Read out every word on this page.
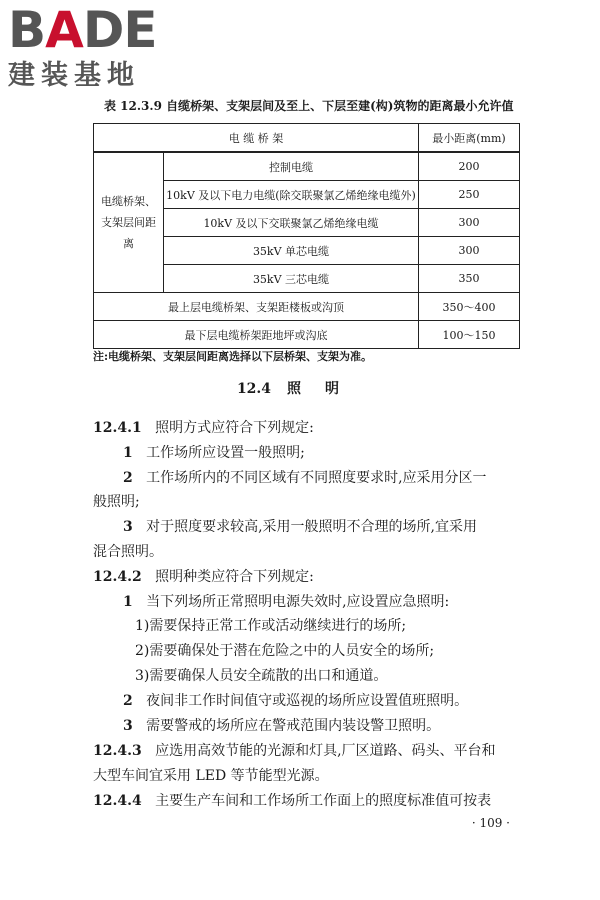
B A D E
建装基地
表 12.3.9 自缆桥架、支架层间及至上、下层至建(构)筑物的距离最小允许值
电 缆 桥 架		最小距离(mm)
电缆桥架、支架层间距离	控制电缆	200
	10kV 及以下电力电缆(除交联聚氯乙烯绝缘电缆外)	250
	10kV 及以下交联聚氯乙烯绝缘电缆	300
	35kV 单芯电缆	300
	35kV 三芯电缆	350
最上层电缆桥架、支架距楼板或沟顶		350～400
最下层电缆桥架距地坪或沟底		100～150
注:电缆桥架、支架层间距离选择以下层桥架、支架为准。
12.4 照明
12.4.1 照明方式应符合下列规定:
1 工作场所应设置一般照明;
2 工作场所内的不同区域有不同照度要求时,应采用分区一
般照明;
3 对于照度要求较高,采用一般照明不合理的场所,宜采用
混合照明。
12.4.2 照明种类应符合下列规定:
1 当下列场所正常照明电源失效时,应设置应急照明:
1)需要保持正常工作或活动继续进行的场所;
2)需要确保处于潜在危险之中的人员安全的场所;
3)需要确保人员安全疏散的出口和通道。
2 夜间非工作时间值守或巡视的场所应设置值班照明。
3 需要警戒的场所应在警戒范围内装设警卫照明。
12.4.3 应选用高效节能的光源和灯具,厂区道路、码头、平台和
大型车间宜采用 LED 等节能型光源。
12.4.4 主要生产车间和工作场所工作面上的照度标准值可按表
· 109 ·
